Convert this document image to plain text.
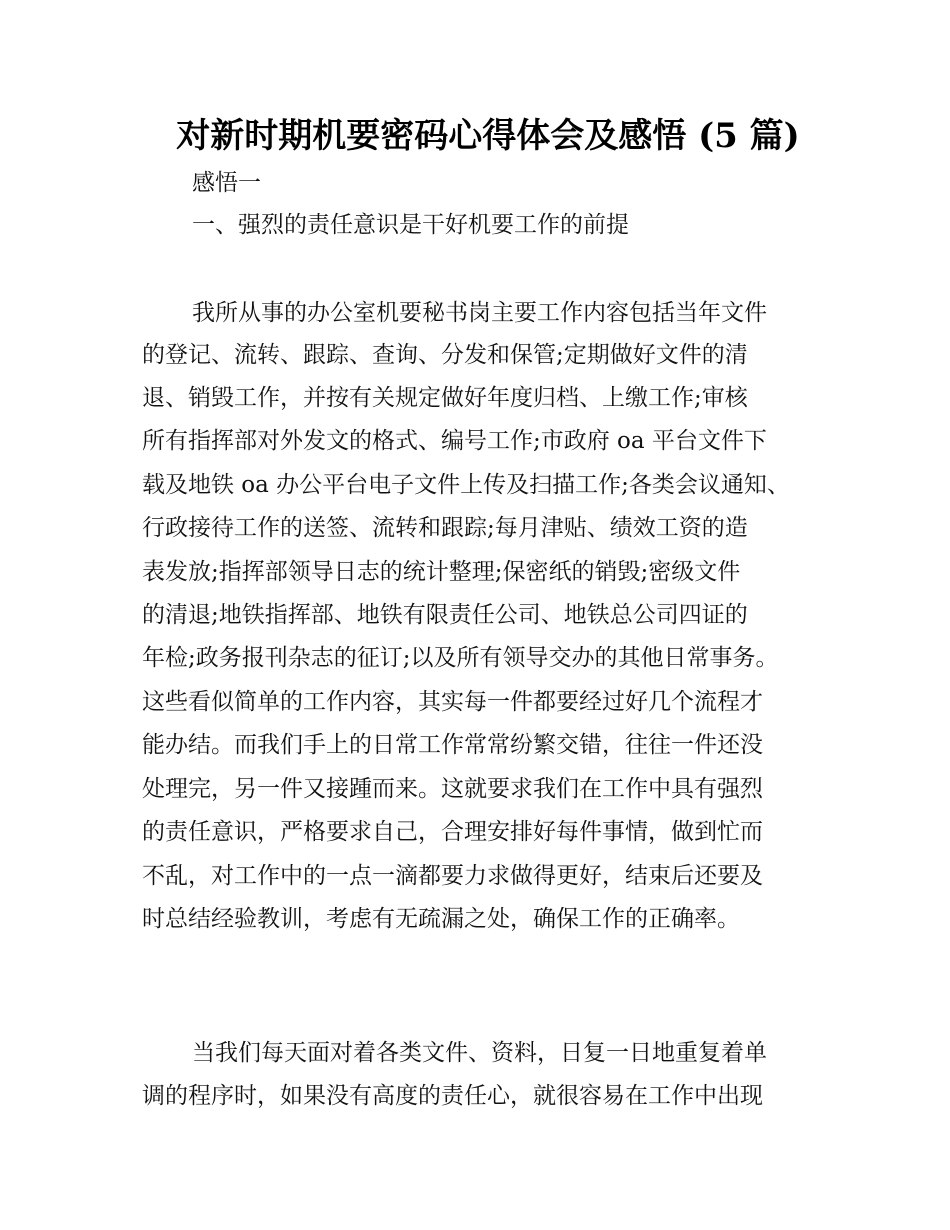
对新时期机要密码心得体会及感悟 (5 篇)
感悟一
一、强烈的责任意识是干好机要工作的前提
我所从事的办公室机要秘书岗主要工作内容包括当年文件
的登记、流转、跟踪、查询、分发和保管;定期做好文件的清
退、销毁工作，并按有关规定做好年度归档、上缴工作;审核
所有指挥部对外发文的格式、编号工作;市政府 oa 平台文件下
载及地铁 oa 办公平台电子文件上传及扫描工作;各类会议通知、
行政接待工作的送签、流转和跟踪;每月津贴、绩效工资的造
表发放;指挥部领导日志的统计整理;保密纸的销毁;密级文件
的清退;地铁指挥部、地铁有限责任公司、地铁总公司四证的
年检;政务报刊杂志的征订;以及所有领导交办的其他日常事务。
这些看似简单的工作内容，其实每一件都要经过好几个流程才
能办结。而我们手上的日常工作常常纷繁交错，往往一件还没
处理完，另一件又接踵而来。这就要求我们在工作中具有强烈
的责任意识，严格要求自己，合理安排好每件事情，做到忙而
不乱，对工作中的一点一滴都要力求做得更好，结束后还要及
时总结经验教训，考虑有无疏漏之处，确保工作的正确率。
当我们每天面对着各类文件、资料，日复一日地重复着单
调的程序时，如果没有高度的责任心，就很容易在工作中出现
